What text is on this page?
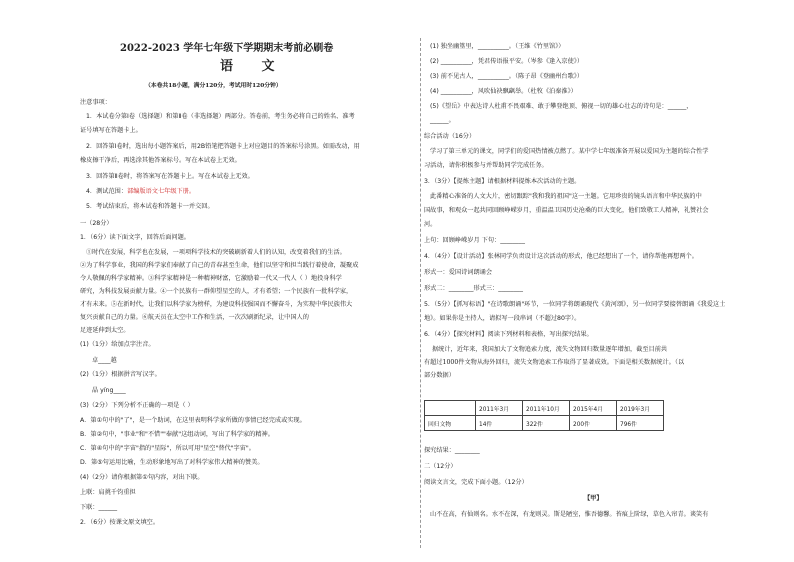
2022-2023 学年七年级下学期期末考前必刷卷
语 文
（本卷共18小题，满分120分，考试用时120分钟）
注意事项：
1．本试卷分第Ⅰ卷（选择题）和第Ⅱ卷（非选择题）两部分。答卷前，考生务必将自己的姓名、准考
证号填写在答题卡上。
2．回答第Ⅰ卷时，选出每小题答案后，用2B铅笔把答题卡上对应题目的答案标号涂黑。如需改动，用
橡皮擦干净后，再选涂其他答案标号。写在本试卷上无效。
3．回答第Ⅱ卷时，将答案写在答题卡上。写在本试卷上无效。
4．测试范围：部编版语文七年级下册。
5．考试结束后，将本试卷和答题卡一并交回。
一（28分）
1．（6分）读下面文字，回答后面问题。
①时代在发展，科学也在发展，一项项科学技术的突破刷新着人们的认知，改变着我们的生活。
②为了科学事业，我国的科学家们奉献了自己的青春甚至生命，他们以坚守和担当践行着使命，凝聚成
令人敬佩的科学家精神。③科学家精神是一种精神财富，它激励着一代又一代人（ ）地投身科学
研究，为科技发展贡献力量。④一个民族有一群仰望星空的人，才有希望；一个民族有一批科学家，
才有未来。⑤在新时代，让我们以科学家为榜样，为建设科技强国而不懈奋斗，为实现中华民族伟大
复兴贡献自己的力量。⑥航天员在太空中工作和生活，一次次刷新纪录，让中国人的
足迹延伸到太空。
(1)（1分）给加点字注音。
卓____越
(2)（1分）根据拼音写汉字。
晶 yíng____
(3)（2分）下列分析不正确的一项是（ ）
A．第①句中的"了"，是一个助词，在这里表明科学家所做的事情已经完成或实现。
B．第②句中，"事业"和"不惜""奉献"这组动词，写出了科学家的精神。
C．第④句中的"字宙"指的"星际"，所以可用"星空"替代"字宙"。
D．第⑤句运用比喻，生动形象地写出了对科学家伟大精神的赞美。
(4)（2分）请你根据第①句内容，对出下联。
上联：肩挑千钧重担
下联：______
2．（6分）按课文原文填空。
(1) 独坐幽篁里，__________。（王维《竹里馆》）
(2) __________，凭君传语报平安。（岑参《逢入京使》）
(3) 前不见古人，__________。（陈子昂《登幽州台歌》）
(4) __________，风吹仙袂飘飖举。（杜牧《泊秦淮》）
(5)《望岳》中表达诗人杜甫不畏艰难、敢于攀登绝顶、俯视一切的雄心壮志的诗句是：______，
______。
综合活动（16分）
学习了第三单元的课文，同学们的爱国热情被点燃了。某中学七年级准备开展以爱国为主题的综合性学
习活动，请你积极参与并帮助同学完成任务。
3．（3分）【提炼主题】请根据材料提炼本次活动的主题。
此番精心准备的人文大片，密切跟踪"我和我的祖国"这一主题。它用珍贵的镜头语言和中华民族的中
国故事，和观众一起共同回顾峥嵘岁月，重温温卫国历史沧桑的巨大变化，他们致敬工人精神，礼赞社会
河。
上句：回顾峥嵘岁月 下句：________
4．（4分）【设计活动】张林同学负责设计这次活动的形式，他已经想出了一个，请你帮他再想两个。
形式一：爱国诗词朗诵会
形式二：________形式三：________
5．（5分）【抓写标语】"在诗歌朗诵"环节，一位同学将朗诵现代《黄河颂》，另一位同学要接替朗诵《我爱这土
地》。如果你是主持人，请拟写一段串词（不超过80字）。
6．（4分）【探究材料】阅读下列材料和表格，写出探究结果。
据统计，近年来，我国加大了文物追索力度，流失文物回归数量逐年增加，截至目前共
有超过1000件文物从海外回归，流失文物追索工作取得了显著成效。下面是相关数据统计。（以
部分数据）
	2011年3月	2011年10月	2015年4月	2019年3月
回归文物	14件	322件	200件	796件
探究结果：________
二（12分）
阅读文言文，完成下面小题。（12分）
【甲】
山不在高，有仙则名。水不在深，有龙则灵。斯是陋室，惟吾德馨。苔痕上阶绿，草色入帘青。谈笑有
